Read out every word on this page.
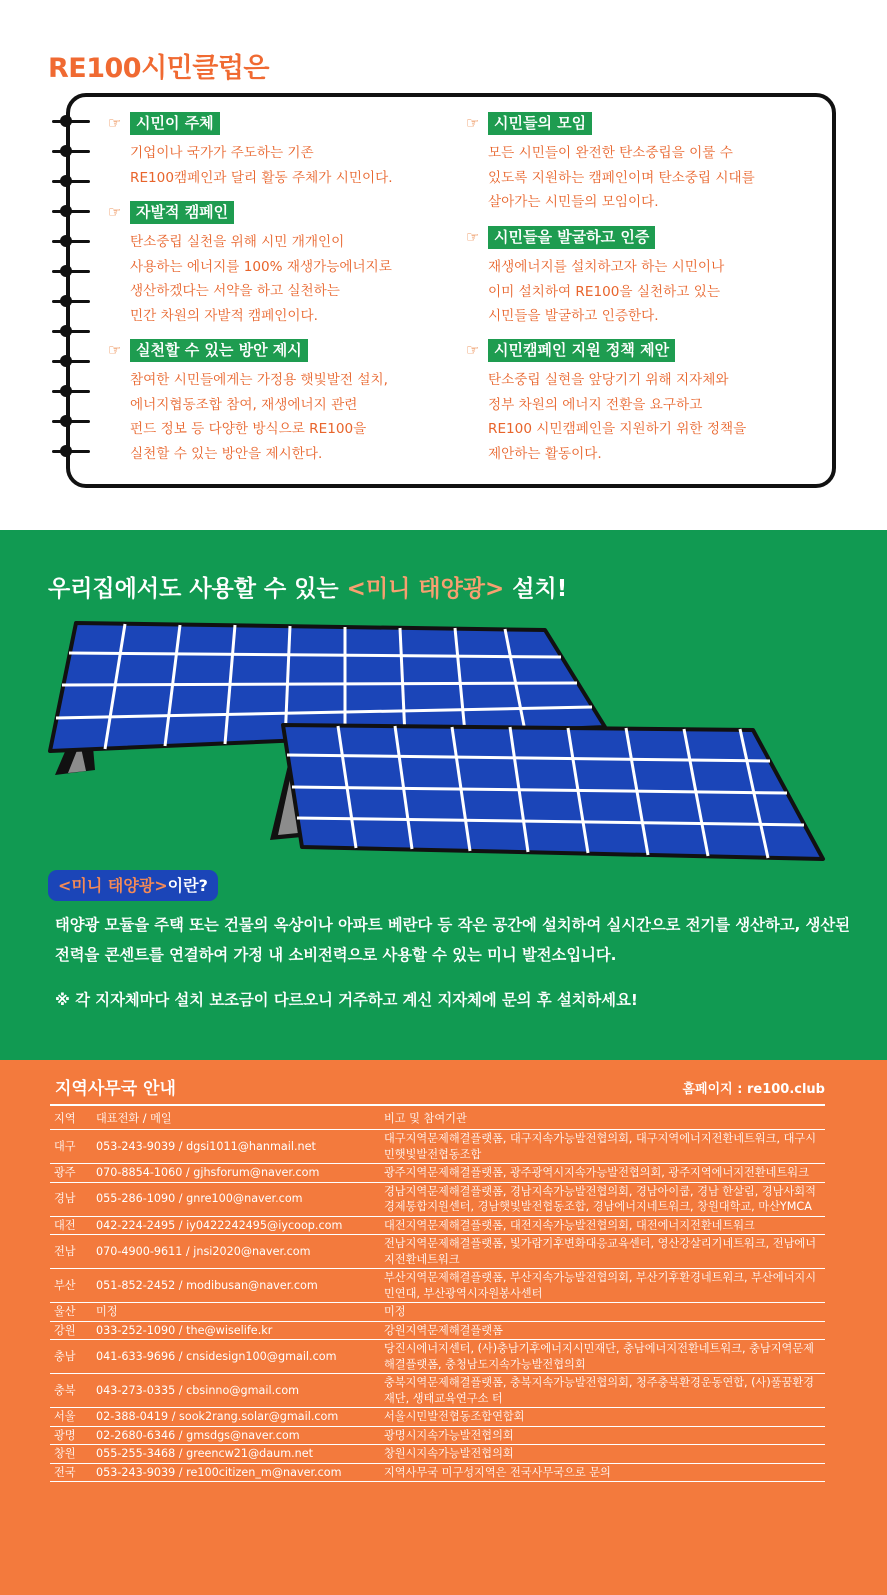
RE100시민클럽은
☞ 시민이 주체
기업이나 국가가 주도하는 기존
RE100캠페인과 달리 활동 주체가 시민이다.
☞ 자발적 캠페인
탄소중립 실천을 위해 시민 개개인이
사용하는 에너지를 100% 재생가능에너지로
생산하겠다는 서약을 하고 실천하는
민간 차원의 자발적 캠페인이다.
☞ 실천할 수 있는 방안 제시
참여한 시민들에게는 가정용 햇빛발전 설치,
에너지협동조합 참여, 재생에너지 관련
펀드 정보 등 다양한 방식으로 RE100을
실천할 수 있는 방안을 제시한다.
☞ 시민들의 모임
모든 시민들이 완전한 탄소중립을 이룰 수
있도록 지원하는 캠페인이며 탄소중립 시대를
살아가는 시민들의 모임이다.
☞ 시민들을 발굴하고 인증
재생에너지를 설치하고자 하는 시민이나
이미 설치하여 RE100을 실천하고 있는
시민들을 발굴하고 인증한다.
☞ 시민캠페인 지원 정책 제안
탄소중립 실현을 앞당기기 위해 지자체와
정부 차원의 에너지 전환을 요구하고
RE100 시민캠페인을 지원하기 위한 정책을
제안하는 활동이다.
우리집에서도 사용할 수 있는 <미니 태양광> 설치!
<미니 태양광>이란?

태양광 모듈을 주택 또는 건물의 옥상이나 아파트 베란다 등 작은 공간에 설치하여 실시간으로 전기를 생산하고, 생산된 전력을 콘센트를 연결하여 가정 내 소비전력으로 사용할 수 있는 미니 발전소입니다.

※ 각 지자체마다 설치 보조금이 다르오니 거주하고 계신 지자체에 문의 후 설치하세요!

지역사무국 안내	홈페이지 : re100.club
지역	대표전화 / 메일	비고 및 참여기관
대구	053-243-9039 / dgsi1011@hanmail.net	대구지역문제해결플랫폼, 대구지속가능발전협의회, 대구지역에너지전환네트워크, 대구시민햇빛발전협동조합
광주	070-8854-1060 / gjhsforum@naver.com	광주지역문제해결플랫폼, 광주광역시지속가능발전협의회, 광주지역에너지전환네트워크
경남	055-286-1090 / gnre100@naver.com	경남지역문제해결플랫폼, 경남지속가능발전협의회, 경남아이쿱, 경남 한살림, 경남사회적경제통합지원센터, 경남햇빛발전협동조합, 경남에너지네트워크, 창원대학교, 마산YMCA
대전	042-224-2495 / iy0422242495@iycoop.com	대전지역문제해결플랫폼, 대전지속가능발전협의회, 대전에너지전환네트워크
전남	070-4900-9611 / jnsi2020@naver.com	전남지역문제해결플랫폼, 빛가람기후변화대응교육센터, 영산강살리기네트워크, 전남에너지전환네트워크
부산	051-852-2452 / modibusan@naver.com	부산지역문제해결플랫폼, 부산지속가능발전협의회, 부산기후환경네트워크, 부산에너지시민연대, 부산광역시자원봉사센터
울산	미정	미정
강원	033-252-1090 / the@wiselife.kr	강원지역문제해결플랫폼
충남	041-633-9696 / cnsidesign100@gmail.com	당진시에너지센터, (사)충남기후에너지시민재단, 충남에너지전환네트워크, 충남지역문제해결플랫폼, 충청남도지속가능발전협의회
충북	043-273-0335 / cbsinno@gmail.com	충북지역문제해결플랫폼, 충북지속가능발전협의회, 청주충북환경운동연합, (사)풀꿈환경재단, 생태교육연구소 터
서울	02-388-0419 / sook2rang.solar@gmail.com	서울시민발전협동조합연합회
광명	02-2680-6346 / gmsdgs@naver.com	광명시지속가능발전협의회
창원	055-255-3468 / greencw21@daum.net	창원시지속가능발전협의회
전국	053-243-9039 / re100citizen_m@naver.com	지역사무국 미구성지역은 전국사무국으로 문의
